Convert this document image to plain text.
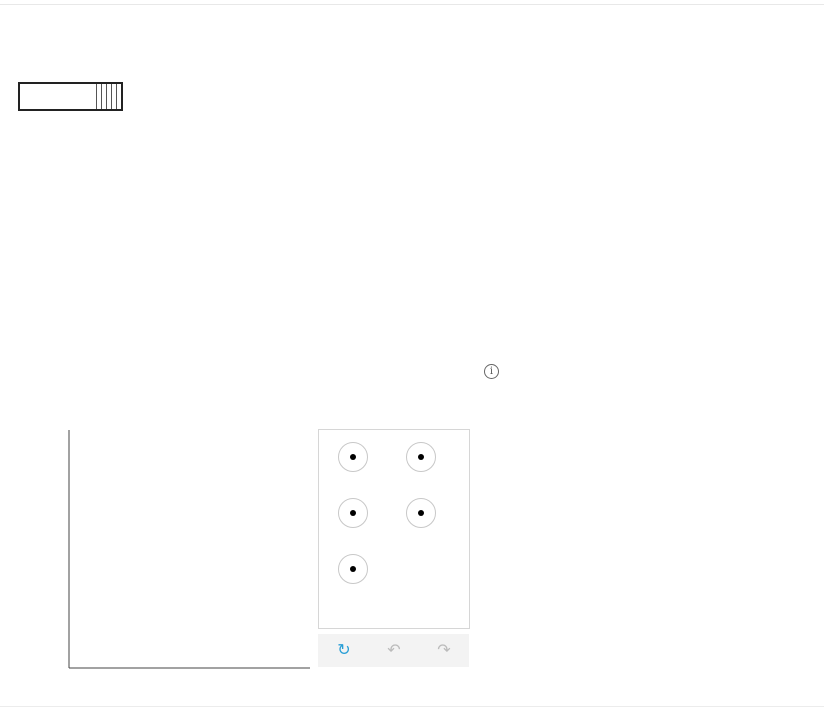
i
↻ ↶ ↷
